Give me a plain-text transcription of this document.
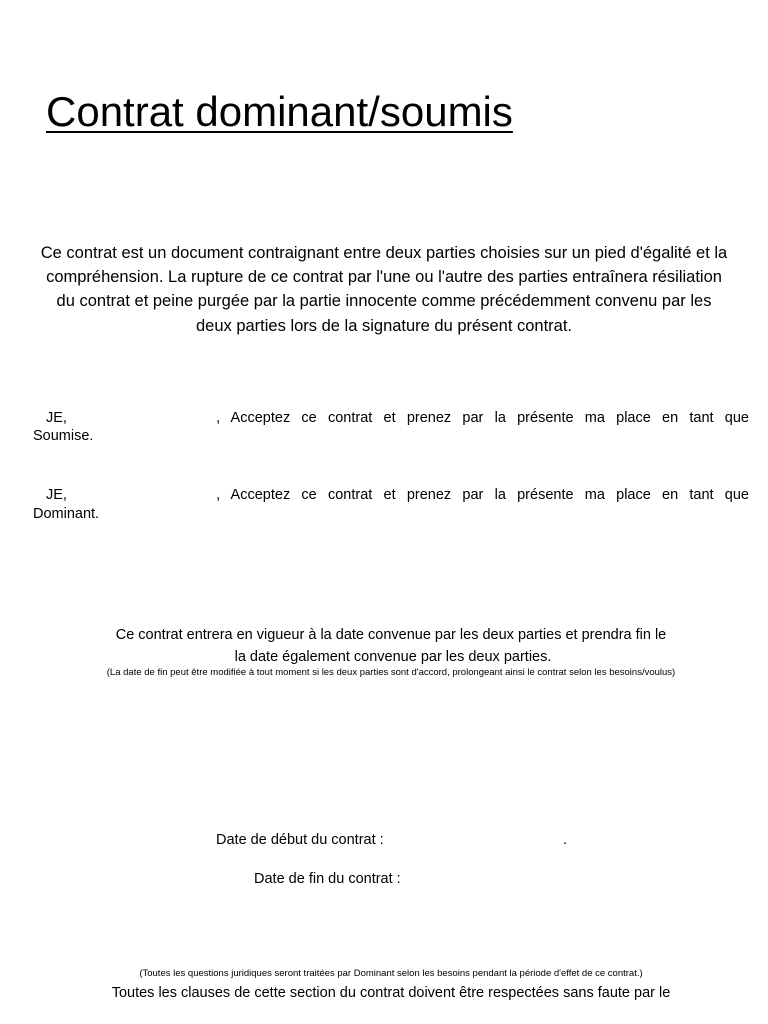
Contrat dominant/soumis

Ce contrat est un document contraignant entre deux parties choisies sur un pied d'égalité et la compréhension. La rupture de ce contrat par l'une ou l'autre des parties entraînera résiliation du contrat et peine purgée par la partie innocente comme précédemment convenu par les deux parties lors de la signature du présent contrat.

JE,	, Acceptez ce contrat et prenez par la présente ma place en tant que
Soumise.
JE,	, Acceptez ce contrat et prenez par la présente ma place en tant que
Dominant.
Ce contrat entrera en vigueur à la date convenue par les deux parties et prendra fin le
la date également convenue par les deux parties.
(La date de fin peut être modifiée à tout moment si les deux parties sont d'accord, prolongeant ainsi le contrat selon les besoins/voulus)
Date de début du contrat :	.
Date de fin du contrat :
(Toutes les questions juridiques seront traitées par Dominant selon les besoins pendant la période d'effet de ce contrat.)
Toutes les clauses de cette section du contrat doivent être respectées sans faute par le
